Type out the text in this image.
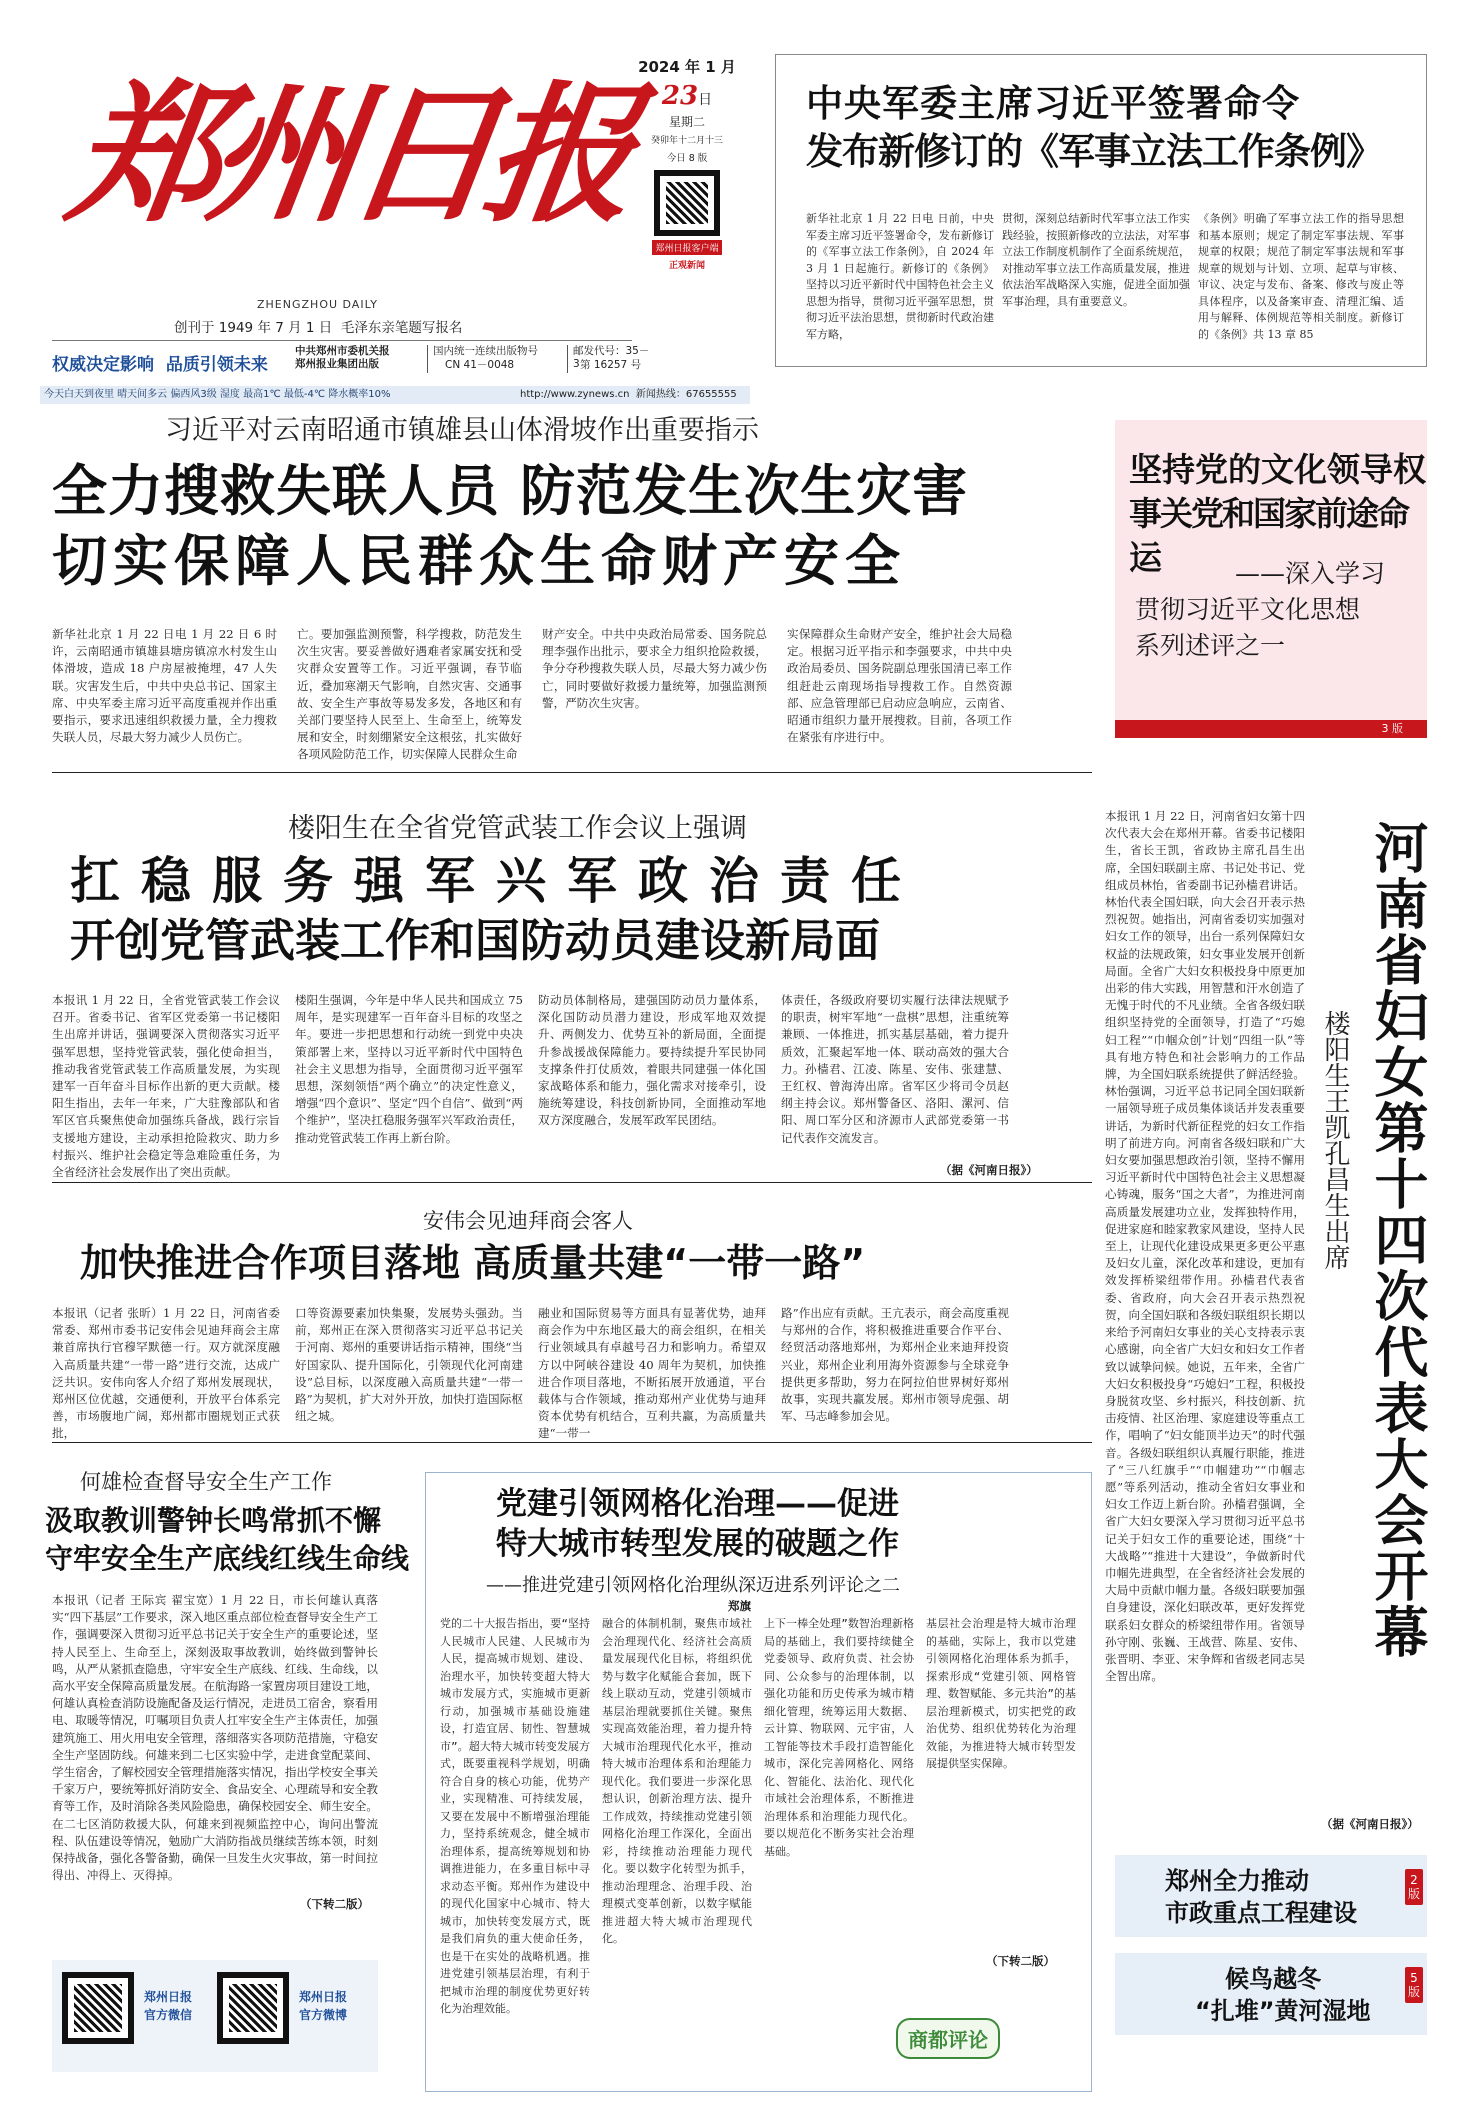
郑州日报
ZHENGZHOU DAILY
创刊于 1949 年 7 月 1 日 毛泽东亲笔题写报名
权威决定影响 品质引领未来
中共郑州市委机关报
郑州报业集团出版
国内统一连续出版物号
CN 41－0048
邮发代号：35－3 第 16257 号
2024 年 1 月
23日
星期二
癸卯年十二月十三
今日 8 版
郑州日报客户端
正观新闻
今天白天到夜里 晴天间多云 偏西风3级 湿度 最高1℃ 最低-4℃ 降水概率10%	http://www.zynews.cn 新闻热线：67655555
中央军委主席习近平签署命令
发布新修订的《军事立法工作条例》
新华社北京 1 月 22 日电 日前，中央军委主席习近平签署命令，发布新修订的《军事立法工作条例》，自 2024 年 3 月 1 日起施行。新修订的《条例》坚持以习近平新时代中国特色社会主义思想为指导，贯彻习近平强军思想，贯彻习近平法治思想，贯彻新时代政治建军方略，
贯彻，深刻总结新时代军事立法工作实践经验，按照新修改的立法法，对军事立法工作制度机制作了全面系统规范，对推动军事立法工作高质量发展，推进依法治军战略深入实施，促进全面加强军事治理，具有重要意义。
《条例》明确了军事立法工作的指导思想和基本原则；规定了制定军事法规、军事规章的权限；规范了制定军事法规和军事规章的规划与计划、立项、起草与审核、审议、决定与发布、备案、修改与废止等具体程序，以及备案审查、清理汇编、适用与解释、体例规范等相关制度。新修订的《条例》共 13 章 85
习近平对云南昭通市镇雄县山体滑坡作出重要指示
全力搜救失联人员 防范发生次生灾害
切实保障人民群众生命财产安全
新华社北京 1 月 22 日电 1 月 22 日 6 时许，云南昭通市镇雄县塘房镇凉水村发生山体滑坡，造成 18 户房屋被掩埋，47 人失联。灾害发生后，中共中央总书记、国家主席、中央军委主席习近平高度重视并作出重要指示，要求迅速组织救援力量，全力搜救失联人员，尽最大努力减少人员伤亡。
亡。要加强监测预警，科学搜救，防范发生次生灾害。要妥善做好遇难者家属安抚和受灾群众安置等工作。习近平强调，春节临近，叠加寒潮天气影响，自然灾害、交通事故、安全生产事故等易发多发，各地区和有关部门要坚持人民至上、生命至上，统筹发展和安全，时刻绷紧安全这根弦，扎实做好各项风险防范工作，切实保障人民群众生命
财产安全。中共中央政治局常委、国务院总理李强作出批示，要求全力组织抢险救援，争分夺秒搜救失联人员，尽最大努力减少伤亡，同时要做好救援力量统筹，加强监测预警，严防次生灾害。
实保障群众生命财产安全，维护社会大局稳定。根据习近平指示和李强要求，中共中央政治局委员、国务院副总理张国清已率工作组赶赴云南现场指导搜救工作。自然资源部、应急管理部已启动应急响应，云南省、昭通市组织力量开展搜救。目前，各项工作在紧张有序进行中。
坚持党的文化领导权
事关党和国家前途命运	——深入学习
贯彻习近平文化思想
系列述评之一
3 版
楼阳生在全省党管武装工作会议上强调
扛稳服务强军兴军政治责任
开创党管武装工作和国防动员建设新局面
本报讯 1 月 22 日，全省党管武装工作会议召开。省委书记、省军区党委第一书记楼阳生出席并讲话，强调要深入贯彻落实习近平强军思想，坚持党管武装，强化使命担当，推动我省党管武装工作高质量发展，为实现建军一百年奋斗目标作出新的更大贡献。楼阳生指出，去年一年来，广大驻豫部队和省军区官兵聚焦使命加强练兵备战，践行宗旨支援地方建设，主动承担抢险救灾、助力乡村振兴、维护社会稳定等急难险重任务，为全省经济社会发展作出了突出贡献。
楼阳生强调，今年是中华人民共和国成立 75 周年，是实现建军一百年奋斗目标的攻坚之年。要进一步把思想和行动统一到党中央决策部署上来，坚持以习近平新时代中国特色社会主义思想为指导，全面贯彻习近平强军思想，深刻领悟“两个确立”的决定性意义，增强“四个意识”、坚定“四个自信”、做到“两个维护”，坚决扛稳服务强军兴军政治责任，推动党管武装工作再上新台阶。
防动员体制格局，建强国防动员力量体系，深化国防动员潜力建设，形成军地双效提升、两侧发力、优势互补的新局面，全面提升参战援战保障能力。要持续提升军民协同支撑条件打仗质效，着眼共同建强一体化国家战略体系和能力，强化需求对接牵引，设施统筹建设，科技创新协同，全面推动军地双方深度融合，发展军政军民团结。
体责任，各级政府要切实履行法律法规赋予的职责，树牢军地“一盘棋”思想，注重统筹兼顾、一体推进，抓实基层基础，着力提升质效，汇聚起军地一体、联动高效的强大合力。孙樯君、江凌、陈星、安伟、张建慧、王红权、曾海涛出席。省军区少将司令员赵纲主持会议。郑州警备区、洛阳、漯河、信阳、周口军分区和济源市人武部党委第一书记代表作交流发言。
（据《河南日报》）
安伟会见迪拜商会客人
加快推进合作项目落地 高质量共建“一带一路”
本报讯（记者 张昕）1 月 22 日，河南省委常委、郑州市委书记安伟会见迪拜商会主席兼首席执行官穆罕默德一行。双方就深度融入高质量共建“一带一路”进行交流，达成广泛共识。安伟向客人介绍了郑州发展现状，郑州区位优越，交通便利，开放平台体系完善，市场腹地广阔，郑州都市圈规划正式获批，
口等资源要素加快集聚，发展势头强劲。当前，郑州正在深入贯彻落实习近平总书记关于河南、郑州的重要讲话指示精神，围绕“当好国家队、提升国际化，引领现代化河南建设”总目标，以深度融入高质量共建“一带一路”为契机，扩大对外开放，加快打造国际枢纽之城。
融业和国际贸易等方面具有显著优势，迪拜商会作为中东地区最大的商会组织，在相关行业领域具有卓越号召力和影响力。希望双方以中阿峡谷建设 40 周年为契机，加快推进合作项目落地，不断拓展开放通道，平台载体与合作领域，推动郑州产业优势与迪拜资本优势有机结合，互利共赢，为高质量共建“一带一
路”作出应有贡献。王亢表示，商会高度重视与郑州的合作，将积极推进重要合作平台、经贸活动落地郑州，为郑州企业来迪拜投资兴业，郑州企业利用海外资源参与全球竞争提供更多帮助，努力在阿拉伯世界树好郑州故事，实现共赢发展。郑州市领导虎强、胡军、马志峰参加会见。
何雄检查督导安全生产工作
汲取教训警钟长鸣常抓不懈
守牢安全生产底线红线生命线
本报讯（记者 王际宾 翟宝宽）1 月 22 日，市长何雄认真落实“四下基层”工作要求，深入地区重点部位检查督导安全生产工作，强调要深入贯彻习近平总书记关于安全生产的重要论述，坚持人民至上、生命至上，深刻汲取事故教训，始终做到警钟长鸣，从严从紧抓查隐患，守牢安全生产底线、红线、生命线，以高水平安全保障高质量发展。在航海路一家置房项目建设工地，何雄认真检查消防设施配备及运行情况，走进员工宿舍，察看用电、取暖等情况，叮嘱项目负责人扛牢安全生产主体责任，加强建筑施工、用火用电安全管理，落细落实各项防范措施，守稳安全生产坚固防线。何雄来到二七区实验中学，走进食堂配菜间、学生宿舍，了解校园安全管理措施落实情况，指出学校安全事关千家万户，要统筹抓好消防安全、食品安全、心理疏导和安全教育等工作，及时消除各类风险隐患，确保校园安全、师生安全。在二七区消防救援大队，何雄来到视频监控中心，询问出警流程、队伍建设等情况，勉励广大消防指战员继续苦练本领，时刻保持战备，强化各警备勤，确保一旦发生火灾事故，第一时间拉得出、冲得上、灭得掉。
（下转二版）
郑州日报
官方微信
郑州日报
官方微博
党建引领网格化治理——促进
特大城市转型发展的破题之作
——推进党建引领网格化治理纵深迈进系列评论之二
郑旗
党的二十大报告指出，要“坚持人民城市人民建、人民城市为人民，提高城市规划、建设、治理水平，加快转变超大特大城市发展方式，实施城市更新行动，加强城市基础设施建设，打造宜居、韧性、智慧城市”。超大特大城市转变发展方式，既要重视科学规划，明确符合自身的核心功能，优势产业，实现精准、可持续发展，又要在发展中不断增强治理能力，坚持系统观念，健全城市治理体系，提高统筹规划和协调推进能力，在多重目标中寻求动态平衡。郑州作为建设中的现代化国家中心城市、特大城市，加快转变发展方式，既是我们肩负的重大使命任务，也是干在实处的战略机遇。推进党建引领基层治理，有利于把城市治理的制度优势更好转化为治理效能。
融合的体制机制，聚焦市域社会治理现代化、经济社会高质量发展现代化目标，将组织优势与数字化赋能合套加，既下线上联动互动，党建引领城市基层治理就要抓住关键。聚焦实现高效能治理，着力提升特大城市治理现代化水平，推动特大城市治理体系和治理能力现代化。我们要进一步深化思想认识，创新治理方法、提升工作成效，持续推动党建引领网格化治理工作深化，全面出彩，持续推动治理能力现代化。要以数字化转型为抓手，推动治理理念、治理手段、治理模式变革创新，以数字赋能推进超大特大城市治理现代化。
上下一棒全处理”数智治理新格局的基础上，我们要持续健全党委领导、政府负责、社会协同、公众参与的治理体制，以强化功能和历史传承为城市精细化管理，统筹运用大数据、云计算、物联网、元宇宙，人工智能等技术手段打造智能化城市，深化完善网格化、网络化、智能化、法治化、现代化市域社会治理体系，不断推进治理体系和治理能力现代化。要以规范化不断务实社会治理基础。
基层社会治理是特大城市治理的基础，实际上，我市以党建引领网格化治理体系为抓手，探索形成“党建引领、网格管理、数智赋能、多元共治”的基层治理新模式，切实把党的政治优势、组织优势转化为治理效能，为推进特大城市转型发展提供坚实保障。
（下转二版）
商都评论
河南省妇女第十四次代表大会开幕
楼阳生王凯孔昌生出席
本报讯 1 月 22 日，河南省妇女第十四次代表大会在郑州开幕。省委书记楼阳生，省长王凯，省政协主席孔昌生出席，全国妇联副主席、书记处书记、党组成员林怡，省委副书记孙樯君讲话。林怡代表全国妇联，向大会召开表示热烈祝贺。她指出，河南省委切实加强对妇女工作的领导，出台一系列保障妇女权益的法规政策，妇女事业发展开创新局面。全省广大妇女积极投身中原更加出彩的伟大实践，用智慧和汗水创造了无愧于时代的不凡业绩。全省各级妇联组织坚持党的全面领导，打造了“巧媳妇工程”“巾帼众创”计划“四组一队”等具有地方特色和社会影响力的工作品牌，为全国妇联系统提供了鲜活经验。林怡强调，习近平总书记同全国妇联新一届领导班子成员集体谈话并发表重要讲话，为新时代新征程党的妇女工作指明了前进方向。河南省各级妇联和广大妇女要加强思想政治引领，坚持不懈用习近平新时代中国特色社会主义思想凝心铸魂，服务“国之大者”，为推进河南高质量发展建功立业，发挥独特作用，促进家庭和睦家教家风建设，坚持人民至上，让现代化建设成果更多更公平惠及妇女儿童，深化改革和建设，更加有效发挥桥梁纽带作用。孙樯君代表省委、省政府，向大会召开表示热烈祝贺，向全国妇联和各级妇联组织长期以来给予河南妇女事业的关心支持表示衷心感谢，向全省广大妇女和妇女工作者致以诚挚问候。她说，五年来，全省广大妇女积极投身“巧媳妇”工程，积极投身脱贫攻坚、乡村振兴，科技创新、抗击疫情、社区治理、家庭建设等重点工作，唱响了“妇女能顶半边天”的时代强音。各级妇联组织认真履行职能，推进了“三八红旗手”“巾帼建功”“巾帼志愿”等系列活动，推动全省妇女事业和妇女工作迈上新台阶。孙樯君强调，全省广大妇女要深入学习贯彻习近平总书记关于妇女工作的重要论述，围绕“十大战略”“推进十大建设”，争做新时代巾帼先进典型，在全省经济社会发展的大局中贡献巾帼力量。各级妇联要加强自身建设，深化妇联改革，更好发挥党联系妇女群众的桥梁纽带作用。省领导孙守刚、张巍、王战营、陈星、安伟、张晋明、李亚、宋争辉和省级老同志吴全智出席。
（据《河南日报》）
郑州全力推动
市政重点工程建设
2 版
候鸟越冬
“扎堆”黄河湿地
5 版
